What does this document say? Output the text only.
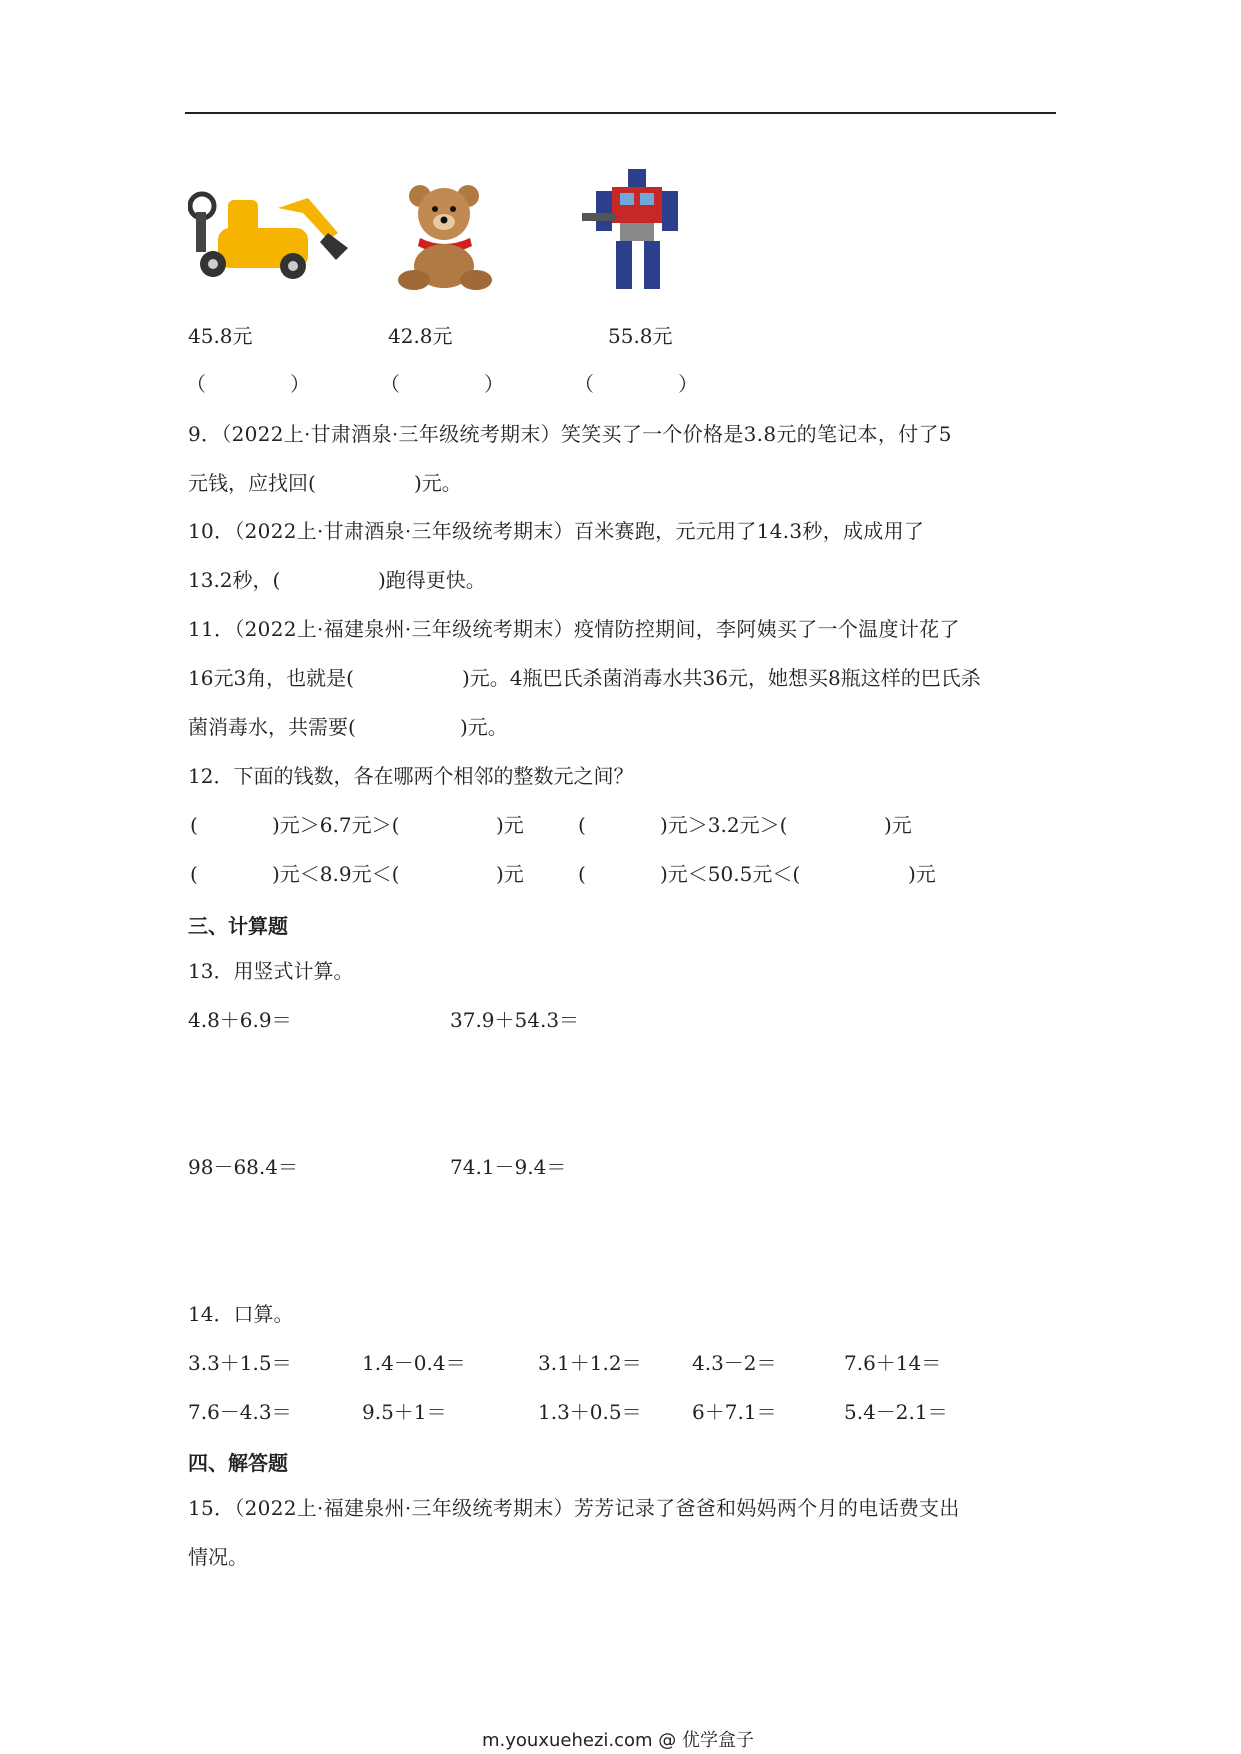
45.8元	42.8元	55.8元
（	）	（	）	（	）
9．（2022上·甘肃酒泉·三年级统考期末）笑笑买了一个价格是3.8元的笔记本，付了5
元钱，应找回(	)元。
10．（2022上·甘肃酒泉·三年级统考期末）百米赛跑，元元用了14.3秒，成成用了
13.2秒，(	)跑得更快。
11．（2022上·福建泉州·三年级统考期末）疫情防控期间，李阿姨买了一个温度计花了
16元3角，也就是(	)元。4瓶巴氏杀菌消毒水共36元，她想买8瓶这样的巴氏杀
菌消毒水，共需要(	)元。
12．下面的钱数，各在哪两个相邻的整数元之间？
(	)元＞6.7元＞(	)元	(	)元＞3.2元＞(	)元
(	)元＜8.9元＜(	)元	(	)元＜50.5元＜(	)元
三、计算题
13．用竖式计算。
4.8＋6.9＝	37.9＋54.3＝
98－68.4＝	74.1－9.4＝
14．口算。
3.3＋1.5＝	1.4－0.4＝	3.1＋1.2＝	4.3－2＝	7.6＋14＝
7.6－4.3＝	9.5＋1＝	1.3＋0.5＝	6＋7.1＝	5.4－2.1＝
四、解答题
15．（2022上·福建泉州·三年级统考期末）芳芳记录了爸爸和妈妈两个月的电话费支出
情况。
m.youxuehezi.com @ 优学盒子
